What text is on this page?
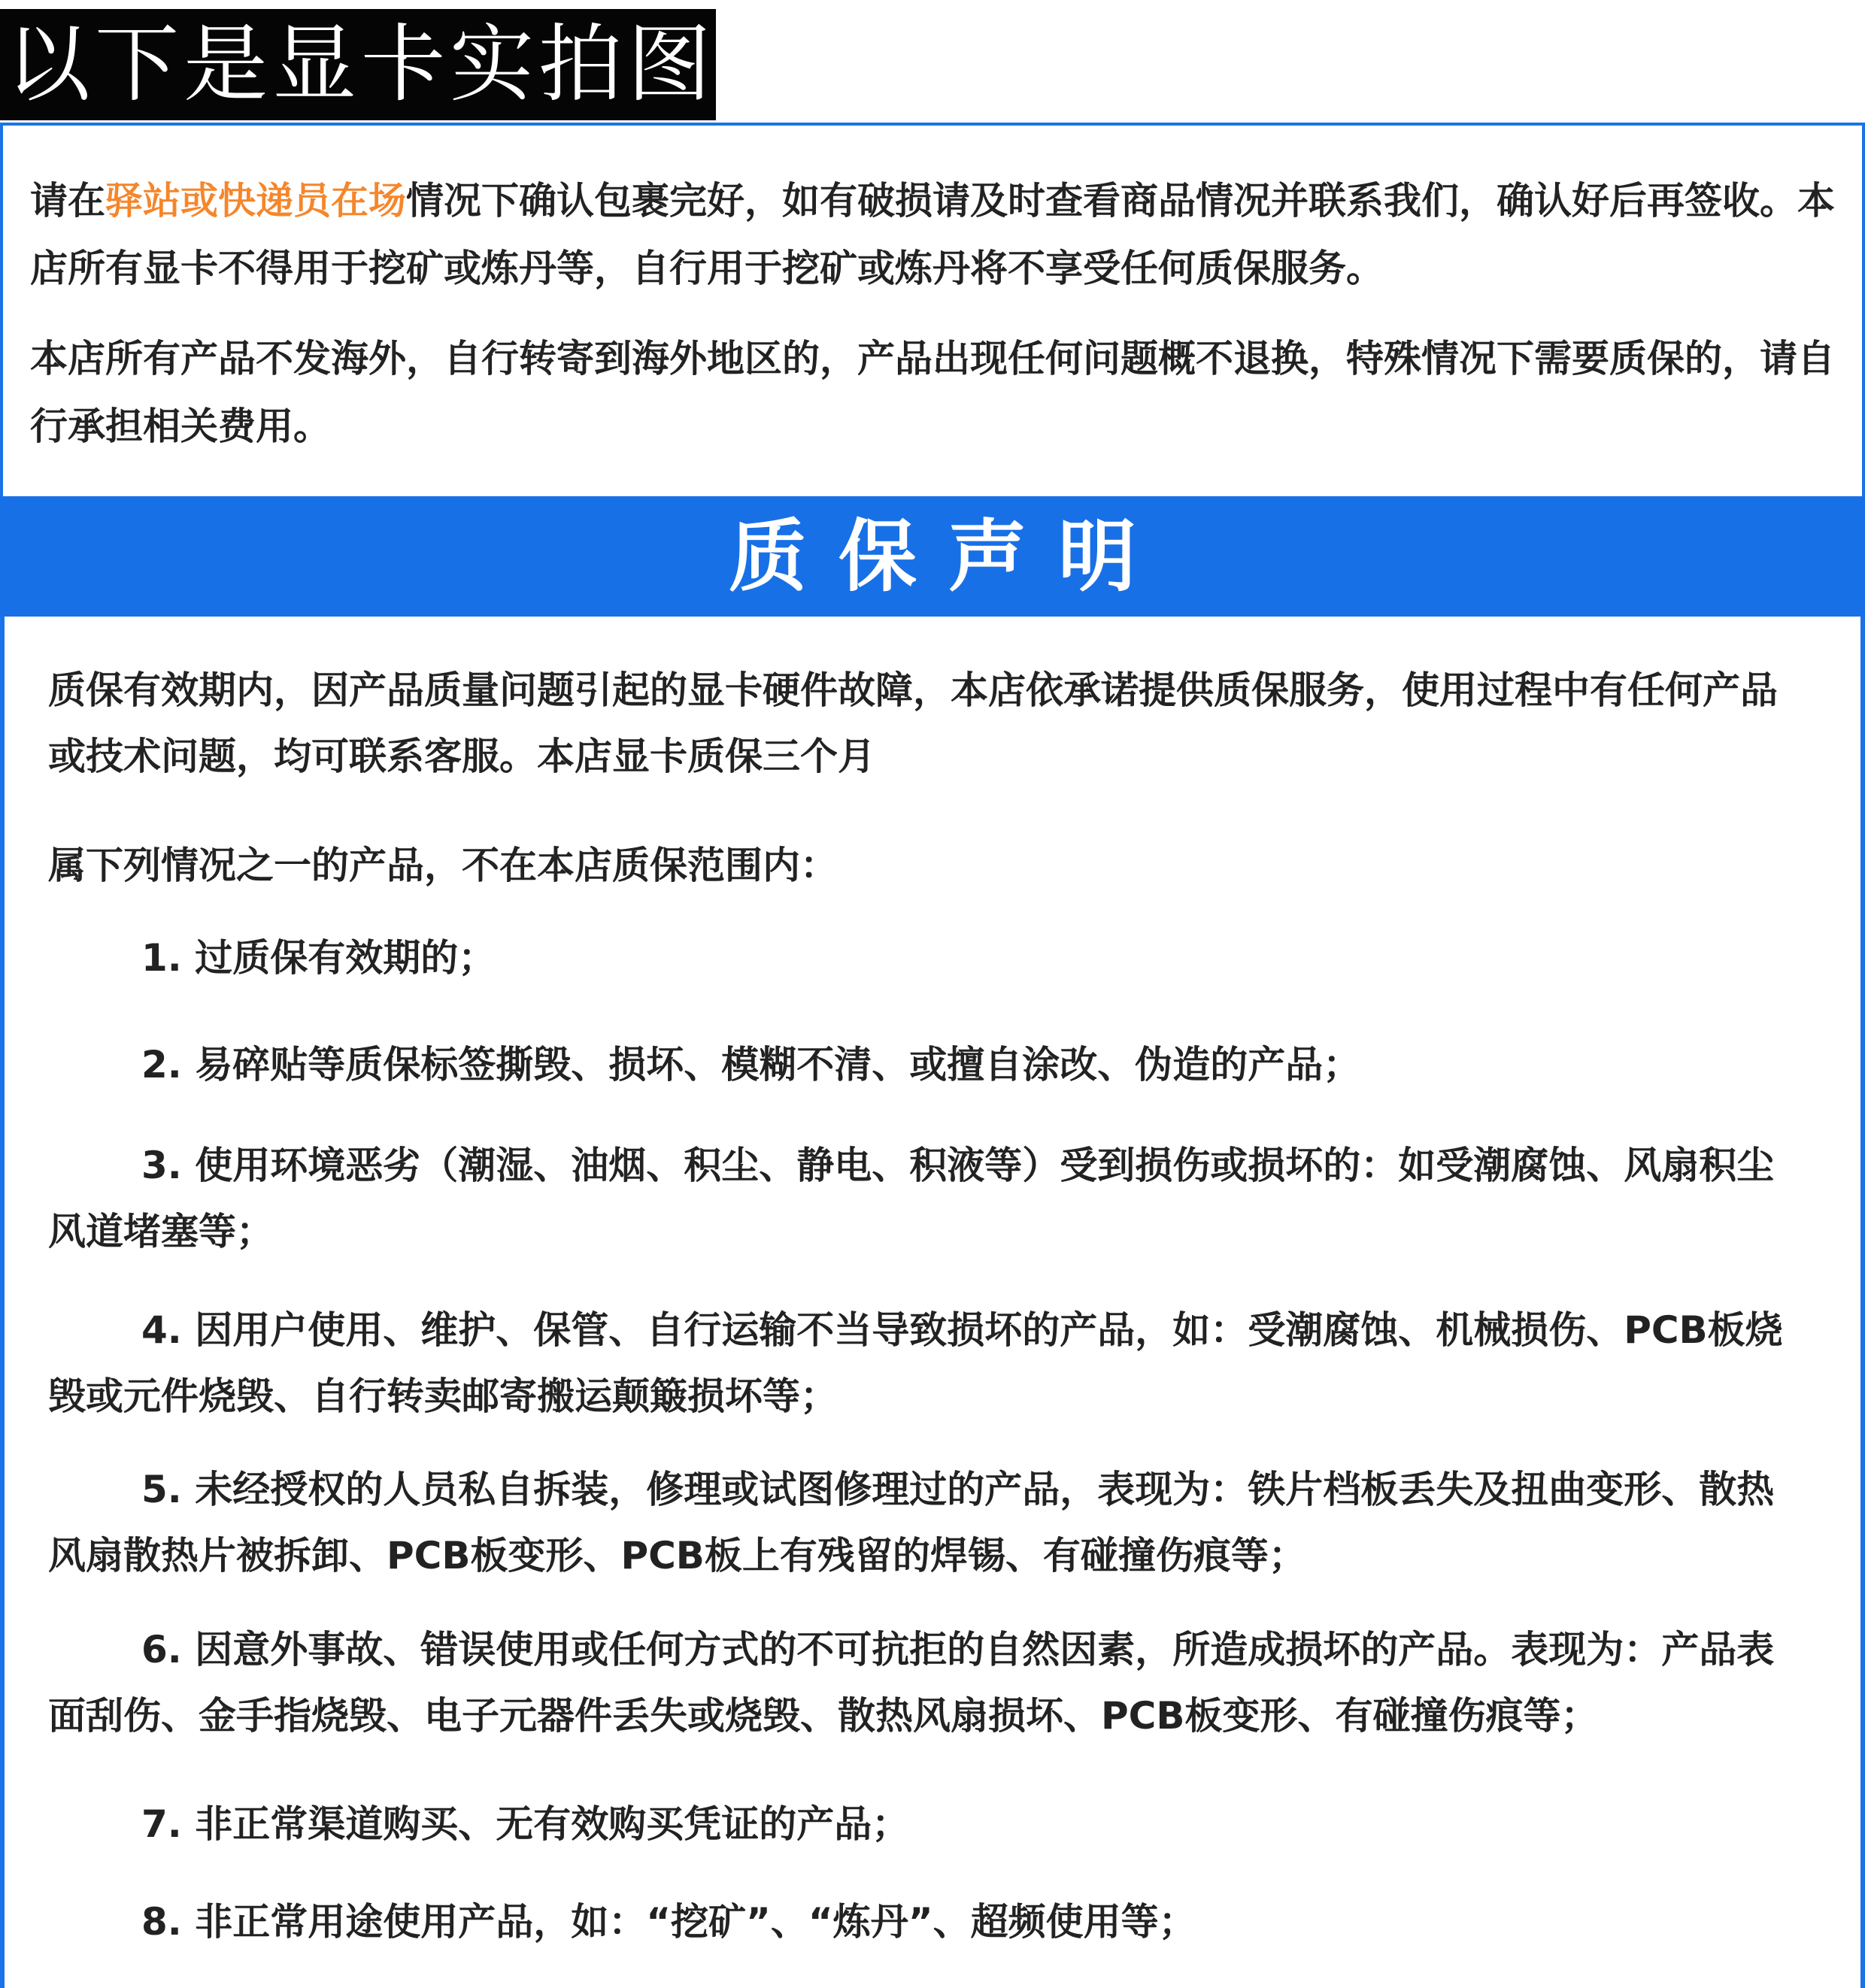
以下是显卡实拍图

请在驿站或快递员在场情况下确认包裹完好，如有破损请及时查看商品情况并联系我们，确认好后再签收。本店所有显卡不得用于挖矿或炼丹等，自行用于挖矿或炼丹将不享受任何质保服务。

本店所有产品不发海外，自行转寄到海外地区的，产品出现任何问题概不退换，特殊情况下需要质保的，请自行承担相关费用。

质保声明

质保有效期内，因产品质量问题引起的显卡硬件故障，本店依承诺提供质保服务，使用过程中有任何产品或技术问题，均可联系客服。本店显卡质保三个月

属下列情况之一的产品，不在本店质保范围内：

1. 过质保有效期的；

2. 易碎贴等质保标签撕毁、损坏、模糊不清、或擅自涂改、伪造的产品；

3. 使用环境恶劣（潮湿、油烟、积尘、静电、积液等）受到损伤或损坏的：如受潮腐蚀、风扇积尘风道堵塞等；

4. 因用户使用、维护、保管、自行运输不当导致损坏的产品，如：受潮腐蚀、机械损伤、PCB板烧毁或元件烧毁、自行转卖邮寄搬运颠簸损坏等；

5. 未经授权的人员私自拆装，修理或试图修理过的产品，表现为：铁片档板丢失及扭曲变形、散热风扇散热片被拆卸、PCB板变形、PCB板上有残留的焊锡、有碰撞伤痕等；

6. 因意外事故、错误使用或任何方式的不可抗拒的自然因素，所造成损坏的产品。表现为：产品表面刮伤、金手指烧毁、电子元器件丢失或烧毁、散热风扇损坏、PCB板变形、有碰撞伤痕等；

7. 非正常渠道购买、无有效购买凭证的产品；

8. 非正常用途使用产品，如：“挖矿”、“炼丹”、超频使用等；
